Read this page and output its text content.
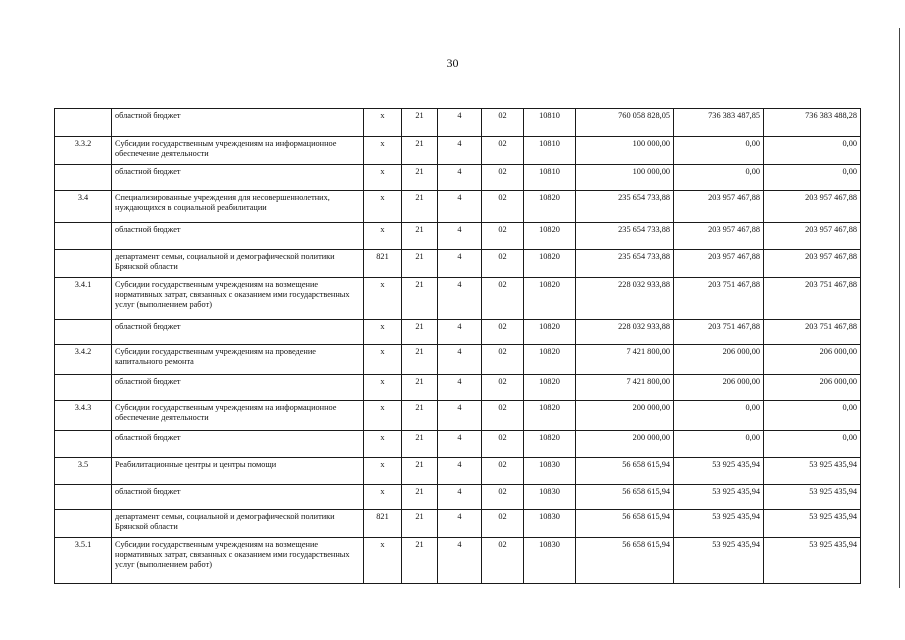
30
	областной бюджет	х	21	4	02	10810	760 058 828,05	736 383 487,85	736 383 488,28
3.3.2	Субсидии государственным учреждениям на информационное обеспечение деятельности	х	21	4	02	10810	100 000,00	0,00	0,00
	областной бюджет	х	21	4	02	10810	100 000,00	0,00	0,00
3.4	Специализированные учреждения для несовершеннолетних, нуждающихся в социальной реабилитации	х	21	4	02	10820	235 654 733,88	203 957 467,88	203 957 467,88
	областной бюджет	х	21	4	02	10820	235 654 733,88	203 957 467,88	203 957 467,88
	департамент семьи, социальной и демографической политики Брянской области	821	21	4	02	10820	235 654 733,88	203 957 467,88	203 957 467,88
3.4.1	Субсидии государственным учреждениям на возмещение нормативных затрат, связанных с оказанием ими государственных услуг (выполнением работ)	х	21	4	02	10820	228 032 933,88	203 751 467,88	203 751 467,88
	областной бюджет	х	21	4	02	10820	228 032 933,88	203 751 467,88	203 751 467,88
3.4.2	Субсидии государственным учреждениям на проведение капитального ремонта	х	21	4	02	10820	7 421 800,00	206 000,00	206 000,00
	областной бюджет	х	21	4	02	10820	7 421 800,00	206 000,00	206 000,00
3.4.3	Субсидии государственным учреждениям на информационное обеспечение деятельности	х	21	4	02	10820	200 000,00	0,00	0,00
	областной бюджет	х	21	4	02	10820	200 000,00	0,00	0,00
3.5	Реабилитационные центры и центры помощи	х	21	4	02	10830	56 658 615,94	53 925 435,94	53 925 435,94
	областной бюджет	х	21	4	02	10830	56 658 615,94	53 925 435,94	53 925 435,94
	департамент семьи, социальной и демографической политики Брянской области	821	21	4	02	10830	56 658 615,94	53 925 435,94	53 925 435,94
3.5.1	Субсидии государственным учреждениям на возмещение нормативных затрат, связанных с оказанием ими государственных услуг (выполнением работ)	х	21	4	02	10830	56 658 615,94	53 925 435,94	53 925 435,94
